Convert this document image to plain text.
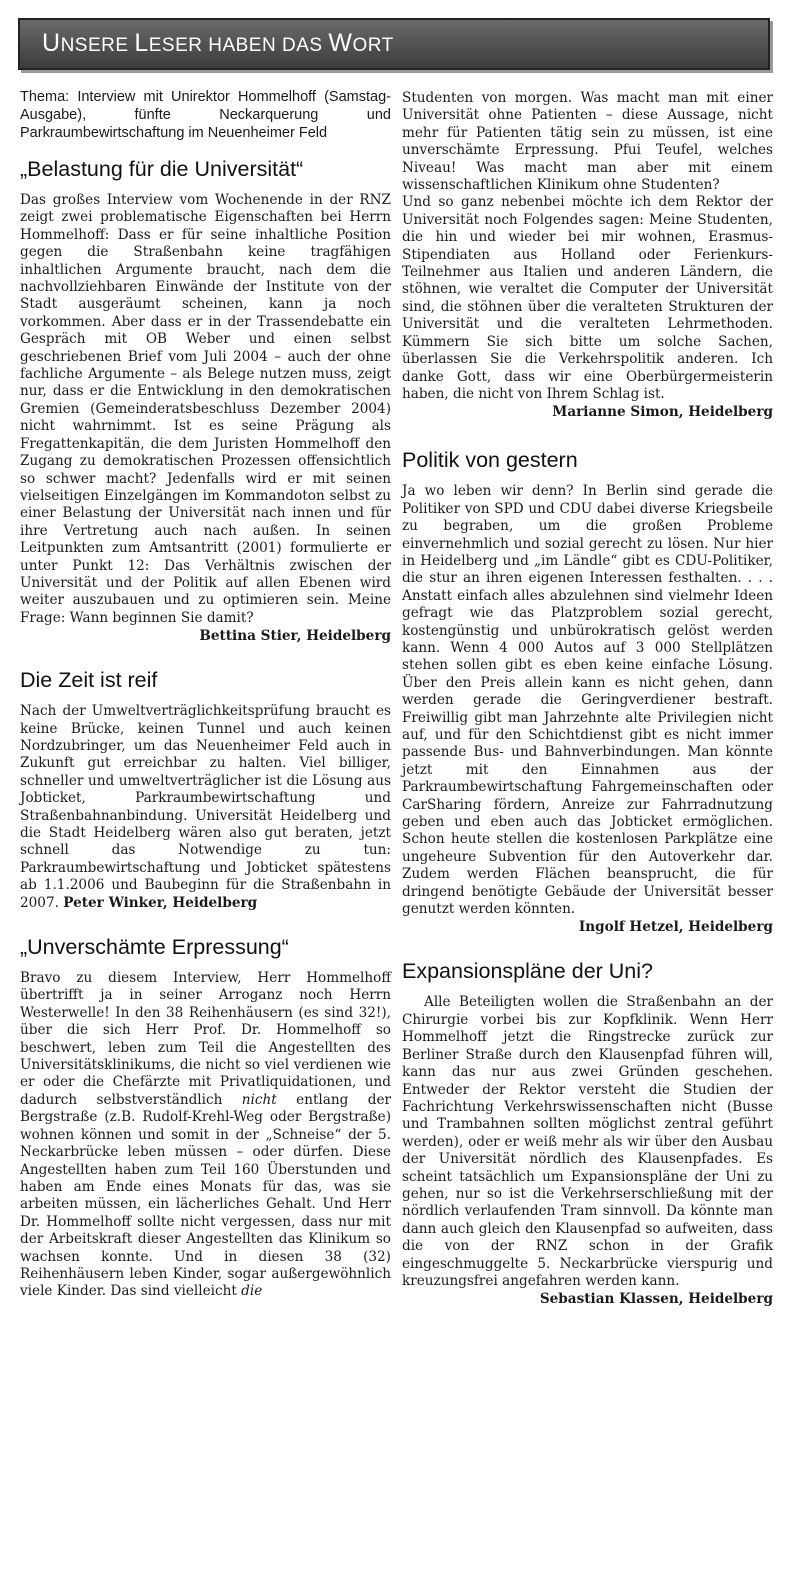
UNSERE LESER HABEN DAS WORT

Thema: Interview mit Unirektor Hommelhoff (Samstag-Ausgabe), fünfte Neckarquerung und Parkraumbewirtschaftung im Neuenheimer Feld

„Belastung für die Universität“

Das großes Interview vom Wochenende in der RNZ zeigt zwei problematische Eigenschaften bei Herrn Hommelhoff: Dass er für seine inhaltliche Position gegen die Straßenbahn keine tragfähigen inhaltlichen Argumente braucht, nach dem die nachvollziehbaren Einwände der Institute von der Stadt ausgeräumt scheinen, kann ja noch vorkommen. Aber dass er in der Trassendebatte ein Gespräch mit OB Weber und einen selbst geschriebenen Brief vom Juli 2004 – auch der ohne fachliche Argumente – als Belege nutzen muss, zeigt nur, dass er die Entwicklung in den demokratischen Gremien (Gemeinderatsbeschluss Dezember 2004) nicht wahrnimmt. Ist es seine Prägung als Fregattenkapitän, die dem Juristen Hommelhoff den Zugang zu demokratischen Prozessen offensichtlich so schwer macht? Jedenfalls wird er mit seinen vielseitigen Einzelgängen im Kommandoton selbst zu einer Belastung der Universität nach innen und für ihre Vertretung auch nach außen. In seinen Leitpunkten zum Amtsantritt (2001) formulierte er unter Punkt 12: Das Verhältnis zwischen der Universität und der Politik auf allen Ebenen wird weiter auszubauen und zu optimieren sein. Meine Frage: Wann beginnen Sie damit?

Bettina Stier, Heidelberg

Die Zeit ist reif

Nach der Umweltverträglichkeitsprüfung braucht es keine Brücke, keinen Tunnel und auch keinen Nordzubringer, um das Neuenheimer Feld auch in Zukunft gut erreichbar zu halten. Viel billiger, schneller und umweltverträglicher ist die Lösung aus Jobticket, Parkraumbewirtschaftung und Straßenbahnanbindung. Universität Heidelberg und die Stadt Heidelberg wären also gut beraten, jetzt schnell das Notwendige zu tun: Parkraumbewirtschaftung und Jobticket spätestens ab 1.1.2006 und Baubeginn für die Straßenbahn in 2007. Peter Winker, Heidelberg

„Unverschämte Erpressung“

Bravo zu diesem Interview, Herr Hommelhoff übertrifft ja in seiner Arroganz noch Herrn Westerwelle! In den 38 Reihenhäusern (es sind 32!), über die sich Herr Prof. Dr. Hommelhoff so beschwert, leben zum Teil die Angestellten des Universitätsklinikums, die nicht so viel verdienen wie er oder die Chefärzte mit Privatliquidationen, und dadurch selbstverständlich nicht entlang der Bergstraße (z.B. Rudolf-Krehl-Weg oder Bergstraße) wohnen können und somit in der „Schneise“ der 5. Neckarbrücke leben müssen – oder dürfen. Diese Angestellten haben zum Teil 160 Überstunden und haben am Ende eines Monats für das, was sie arbeiten müssen, ein lächerliches Gehalt. Und Herr Dr. Hommelhoff sollte nicht vergessen, dass nur mit der Arbeitskraft dieser Angestellten das Klinikum so wachsen konnte. Und in diesen 38 (32) Reihenhäusern leben Kinder, sogar außergewöhnlich viele Kinder. Das sind vielleicht die

Studenten von morgen. Was macht man mit einer Universität ohne Patienten – diese Aussage, nicht mehr für Patienten tätig sein zu müssen, ist eine unverschämte Erpressung. Pfui Teufel, welches Niveau! Was macht man aber mit einem wissenschaftlichen Klinikum ohne Studenten?

Und so ganz nebenbei möchte ich dem Rektor der Universität noch Folgendes sagen: Meine Studenten, die hin und wieder bei mir wohnen, Erasmus-Stipendiaten aus Holland oder Ferienkurs-Teilnehmer aus Italien und anderen Ländern, die stöhnen, wie veraltet die Computer der Universität sind, die stöhnen über die veralteten Strukturen der Universität und die veralteten Lehrmethoden. Kümmern Sie sich bitte um solche Sachen, überlassen Sie die Verkehrspolitik anderen. Ich danke Gott, dass wir eine Oberbürgermeisterin haben, die nicht von Ihrem Schlag ist.

Marianne Simon, Heidelberg

Politik von gestern

Ja wo leben wir denn? In Berlin sind gerade die Politiker von SPD und CDU dabei diverse Kriegsbeile zu begraben, um die großen Probleme einvernehmlich und sozial gerecht zu lösen. Nur hier in Heidelberg und „im Ländle“ gibt es CDU-Politiker, die stur an ihren eigenen Interessen festhalten. . . . Anstatt einfach alles abzulehnen sind vielmehr Ideen gefragt wie das Platzproblem sozial gerecht, kostengünstig und unbürokratisch gelöst werden kann. Wenn 4 000 Autos auf 3 000 Stellplätzen stehen sollen gibt es eben keine einfache Lösung. Über den Preis allein kann es nicht gehen, dann werden gerade die Geringverdiener bestraft. Freiwillig gibt man Jahrzehnte alte Privilegien nicht auf, und für den Schichtdienst gibt es nicht immer passende Bus- und Bahnverbindungen. Man könnte jetzt mit den Einnahmen aus der Parkraumbewirtschaftung Fahrgemeinschaften oder CarSharing fördern, Anreize zur Fahrradnutzung geben und eben auch das Jobticket ermöglichen. Schon heute stellen die kostenlosen Parkplätze eine ungeheure Subvention für den Autoverkehr dar. Zudem werden Flächen beansprucht, die für dringend benötigte Gebäude der Universität besser genutzt werden könnten.

Ingolf Hetzel, Heidelberg

Expansionspläne der Uni?

Alle Beteiligten wollen die Straßenbahn an der Chirurgie vorbei bis zur Kopfklinik. Wenn Herr Hommelhoff jetzt die Ringstrecke zurück zur Berliner Straße durch den Klausenpfad führen will, kann das nur aus zwei Gründen geschehen. Entweder der Rektor versteht die Studien der Fachrichtung Verkehrswissenschaften nicht (Busse und Trambahnen sollten möglichst zentral geführt werden), oder er weiß mehr als wir über den Ausbau der Universität nördlich des Klausenpfades. Es scheint tatsächlich um Expansionspläne der Uni zu gehen, nur so ist die Verkehrserschließung mit der nördlich verlaufenden Tram sinnvoll. Da könnte man dann auch gleich den Klausenpfad so aufweiten, dass die von der RNZ schon in der Grafik eingeschmuggelte 5. Neckarbrücke vierspurig und kreuzungsfrei angefahren werden kann.

Sebastian Klassen, Heidelberg
